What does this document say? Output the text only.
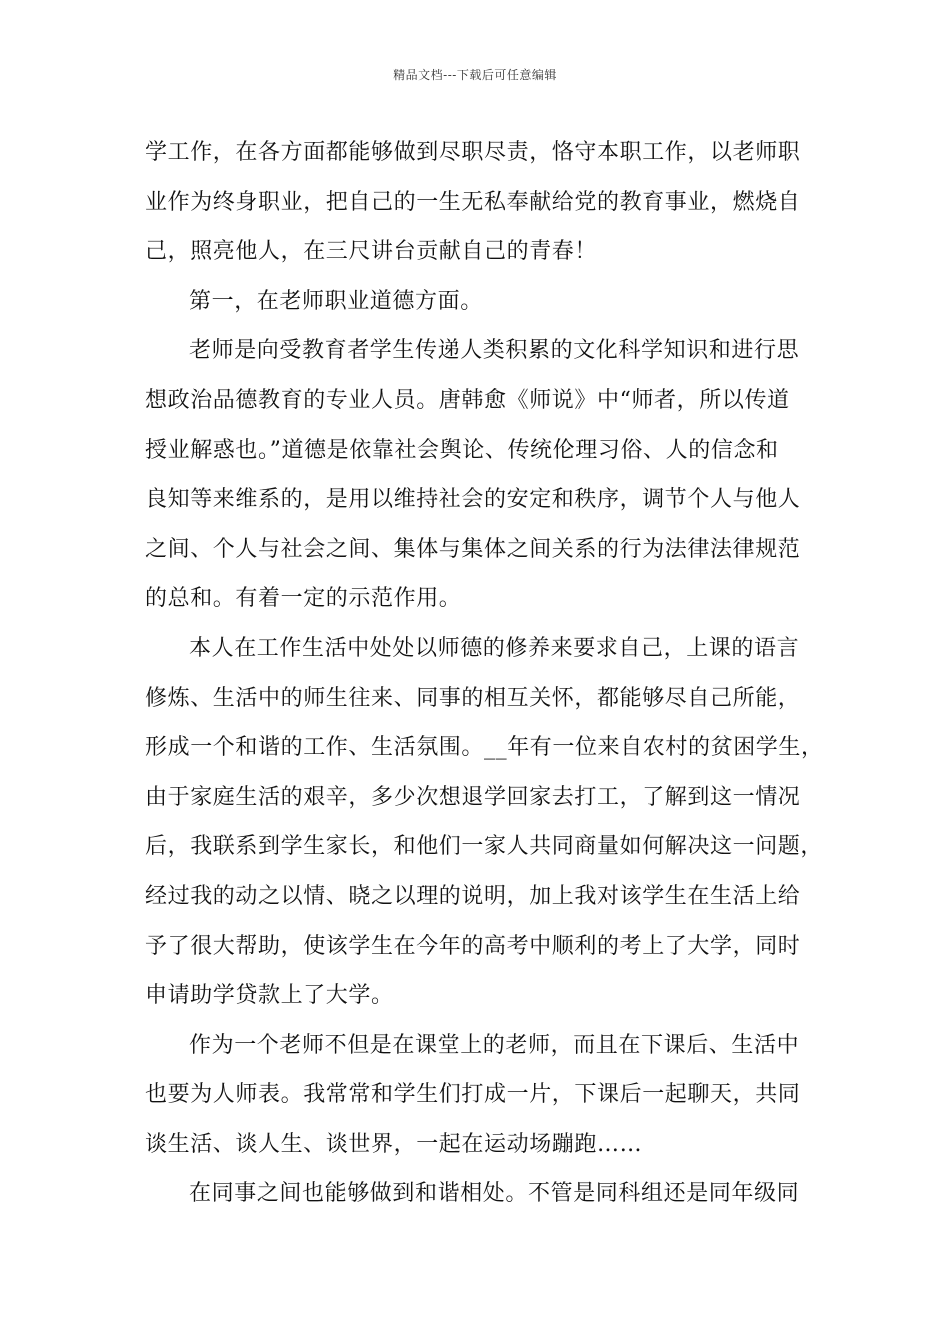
精品文档---下载后可任意编辑
学工作，在各方面都能够做到尽职尽责，恪守本职工作，以老师职
业作为终身职业，把自己的一生无私奉献给党的教育事业，燃烧自
己，照亮他人，在三尺讲台贡献自己的青春！
第一，在老师职业道德方面。
老师是向受教育者学生传递人类积累的文化科学知识和进行思
想政治品德教育的专业人员。唐韩愈《师说》中“师者，所以传道
授业解惑也。”道德是依靠社会舆论、传统伦理习俗、人的信念和
良知等来维系的，是用以维持社会的安定和秩序，调节个人与他人
之间、个人与社会之间、集体与集体之间关系的行为法律法律规范
的总和。有着一定的示范作用。
本人在工作生活中处处以师德的修养来要求自己，上课的语言
修炼、生活中的师生往来、同事的相互关怀，都能够尽自己所能，
形成一个和谐的工作、生活氛围。__年有一位来自农村的贫困学生，
由于家庭生活的艰辛，多少次想退学回家去打工，了解到这一情况
后，我联系到学生家长，和他们一家人共同商量如何解决这一问题，
经过我的动之以情、晓之以理的说明，加上我对该学生在生活上给
予了很大帮助，使该学生在今年的高考中顺利的考上了大学，同时
申请助学贷款上了大学。
作为一个老师不但是在课堂上的老师，而且在下课后、生活中
也要为人师表。我常常和学生们打成一片，下课后一起聊天，共同
谈生活、谈人生、谈世界，一起在运动场蹦跑……
在同事之间也能够做到和谐相处。不管是同科组还是同年级同
